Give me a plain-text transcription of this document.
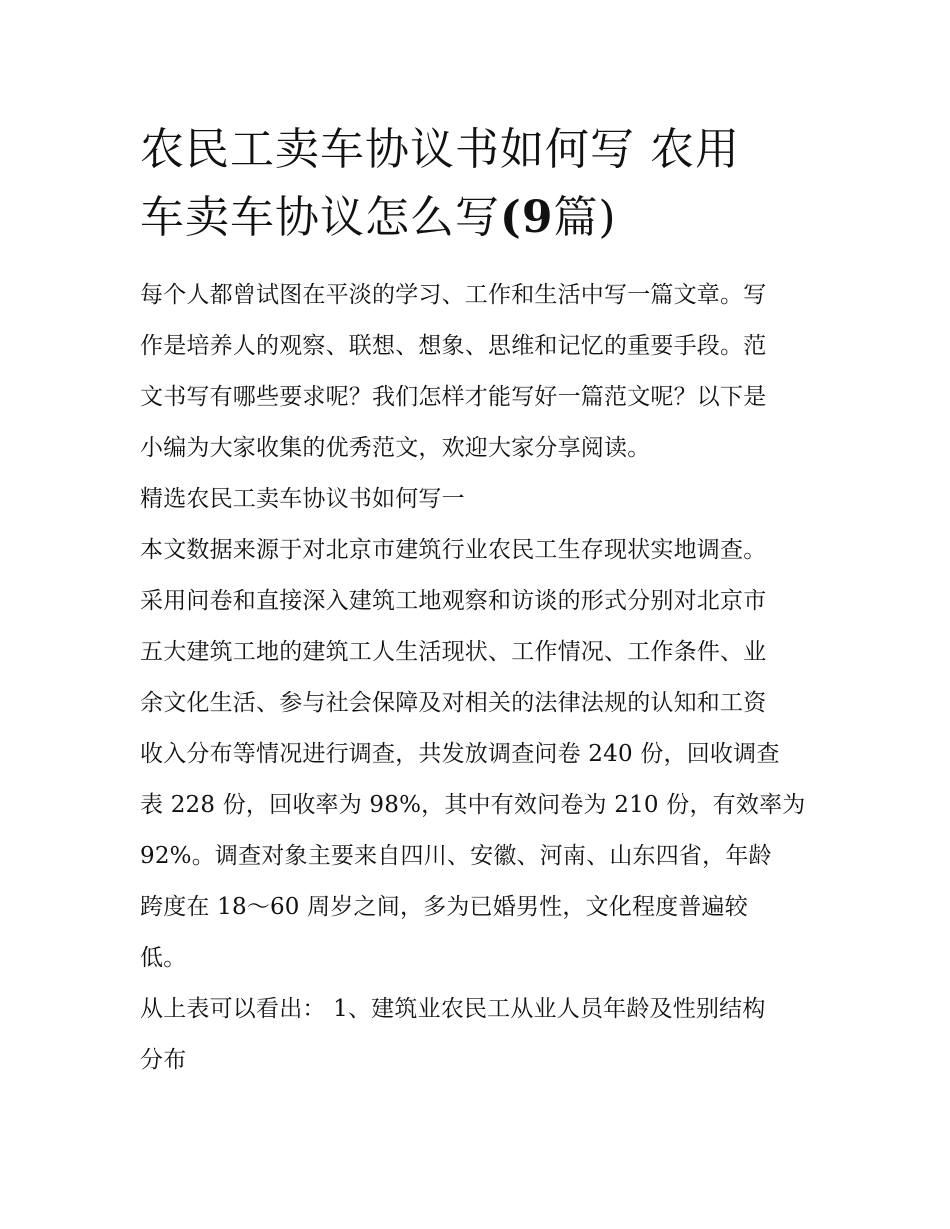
农民工卖车协议书如何写 农用
车卖车协议怎么写(9篇)
每个人都曾试图在平淡的学习、工作和生活中写一篇文章。写
作是培养人的观察、联想、想象、思维和记忆的重要手段。范
文书写有哪些要求呢？我们怎样才能写好一篇范文呢？以下是
小编为大家收集的优秀范文，欢迎大家分享阅读。
精选农民工卖车协议书如何写一
本文数据来源于对北京市建筑行业农民工生存现状实地调查。
采用问卷和直接深入建筑工地观察和访谈的形式分别对北京市
五大建筑工地的建筑工人生活现状、工作情况、工作条件、业
余文化生活、参与社会保障及对相关的法律法规的认知和工资
收入分布等情况进行调查，共发放调查问卷 240 份，回收调查
表 228 份，回收率为 98%，其中有效问卷为 210 份，有效率为
92%。调查对象主要来自四川、安徽、河南、山东四省，年龄
跨度在 18～60 周岁之间，多为已婚男性，文化程度普遍较
低。
从上表可以看出： 1、建筑业农民工从业人员年龄及性别结构
分布
